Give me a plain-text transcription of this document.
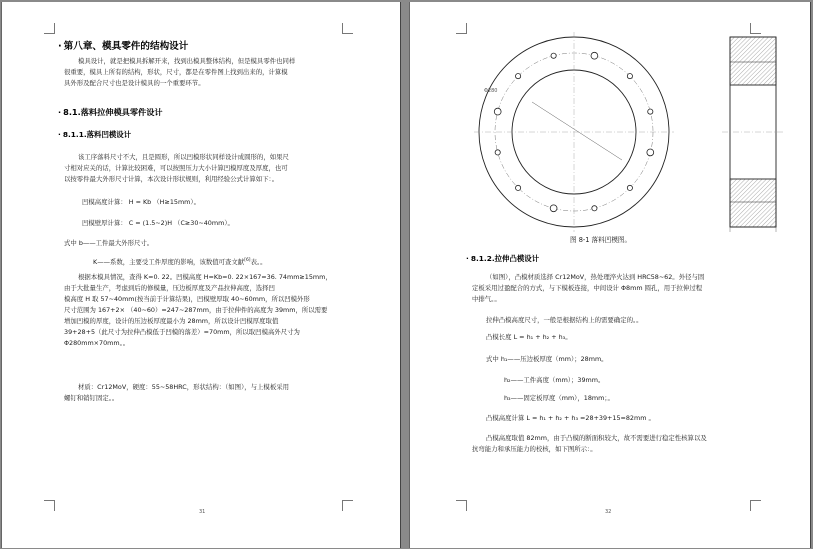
· 第八章、模具零件的结构设计
模具设计，就是把模具拆解开来，找到出模具整体结构，但是模具零件也同样
很重要，模具上所有的结构，形状，尺寸，都是在零件图上找到出来的，计算模
具外形及配合尺寸也是设计模具的一个重要环节。
· 8.1.落料拉伸模具零件设计
· 8.1.1.落料凹模设计
该工序落料尺寸不大，且是圆形，所以凹模形状同样设计成圆形的，如果尺
寸相对应关的话，计算比较困难，可以按照压力大小计算凹模厚度及厚度，也可
以按零件最大外形尺寸计算，本次设计形状规则，利用经验公式计算如下：。
凹模高度计算： H = Kb （H≥15mm）。
凹模壁厚计算： C = (1.5~2)H （C≥30~40mm）。
式中 b——工件最大外形尺寸。
K——系数，主要受工件厚度的影响，该数值可查文献[6]表。。
根据本模具情况，查得 K=0. 22。凹模高度 H=Kb=0. 22×167=36. 74mm≥15mm，
由于大批量生产，考虑到后的修模量，压边板厚度及产品拉伸高度，选择凹
模高度 H 取 57~40mm(按当前于计算结果)，凹模壁厚取 40~60mm，所以凹模外形
尺寸范围为 167+2× （40~60）=247~287mm，由于拉伸件的高度为 39mm，所以需要
增加凹模的厚度，设计的压边板厚度最小为 28mm，所以设计凹模厚度取值
39+28+5（此尺寸为拉伸凸模低于凹模的落差）=70mm，所以取凹模高外尺寸为
Φ280mm×70mm。。
材质：Cr12MoV，硬度：55~58HRC，形状结构：（如图），与上模板采用
螺钉和销钉固定。。
31
Φ280
图 8-1 落料凹模图。
· 8.1.2.拉伸凸模设计
（如图），凸模材质选择 Cr12MoV，热处理淬火达到 HRC58~62。外径与固
定板采用过盈配合的方式，与下模板连接，中间设计 Φ8mm 圆孔，用于拉伸过程
中排气。。
拉伸凸模高度尺寸，一般是根据结构上的需要确定的。。
凸模长度 L = h₁ + h₂ + h₃。
式中 h₁——压边板厚度（mm）；28mm。
h₂——工件高度（mm）；39mm。
h₃——固定板厚度（mm），18mm；。
凸模高度计算 L = h₁ + h₂ + h₃ =28+39+15=82mm 。
凸模高度取值 82mm，由于凸模的断面积较大，故不需要进行稳定性核算以及
抗弯能力和承压能力的校核，如下图所示：。
32
